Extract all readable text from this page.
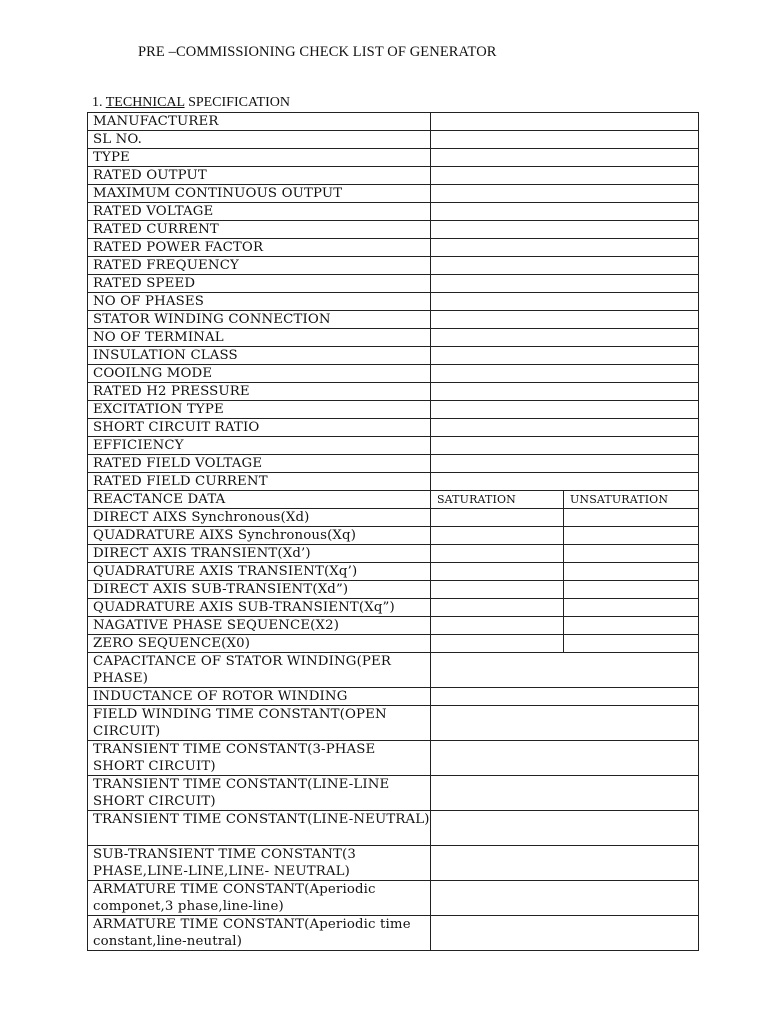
PRE –COMMISSIONING CHECK LIST OF GENERATOR
1. TECHNICAL SPECIFICATION
MANUFACTURER		
SL NO.		
TYPE		
RATED OUTPUT		
MAXIMUM CONTINUOUS OUTPUT		
RATED VOLTAGE		
RATED CURRENT		
RATED POWER FACTOR		
RATED FREQUENCY		
RATED SPEED		
NO OF PHASES		
STATOR WINDING CONNECTION		
NO OF TERMINAL		
INSULATION CLASS		
COOILNG MODE		
RATED H2 PRESSURE		
EXCITATION TYPE		
SHORT CIRCUIT RATIO		
EFFICIENCY		
RATED FIELD VOLTAGE		
RATED FIELD CURRENT		
REACTANCE DATA	SATURATION	UNSATURATION
DIRECT AIXS Synchronous(Xd)		
QUADRATURE AIXS Synchronous(Xq)		
DIRECT AXIS TRANSIENT(Xd’)		
QUADRATURE AXIS TRANSIENT(Xq’)		
DIRECT AXIS SUB-TRANSIENT(Xd”)		
QUADRATURE AXIS SUB-TRANSIENT(Xq”)		
NAGATIVE PHASE SEQUENCE(X2)		
ZERO SEQUENCE(X0)		
CAPACITANCE OF STATOR WINDING(PER PHASE)		
INDUCTANCE OF ROTOR WINDING		
FIELD WINDING TIME CONSTANT(OPEN CIRCUIT)		
TRANSIENT TIME CONSTANT(3-PHASE SHORT CIRCUIT)		
TRANSIENT TIME CONSTANT(LINE-LINE SHORT CIRCUIT)		
TRANSIENT TIME CONSTANT(LINE-NEUTRAL)		
SUB-TRANSIENT TIME CONSTANT(3 PHASE,LINE-LINE,LINE- NEUTRAL)		
ARMATURE TIME CONSTANT(Aperiodic componet,3 phase,line-line)		
ARMATURE TIME CONSTANT(Aperiodic time constant,line-neutral)		
